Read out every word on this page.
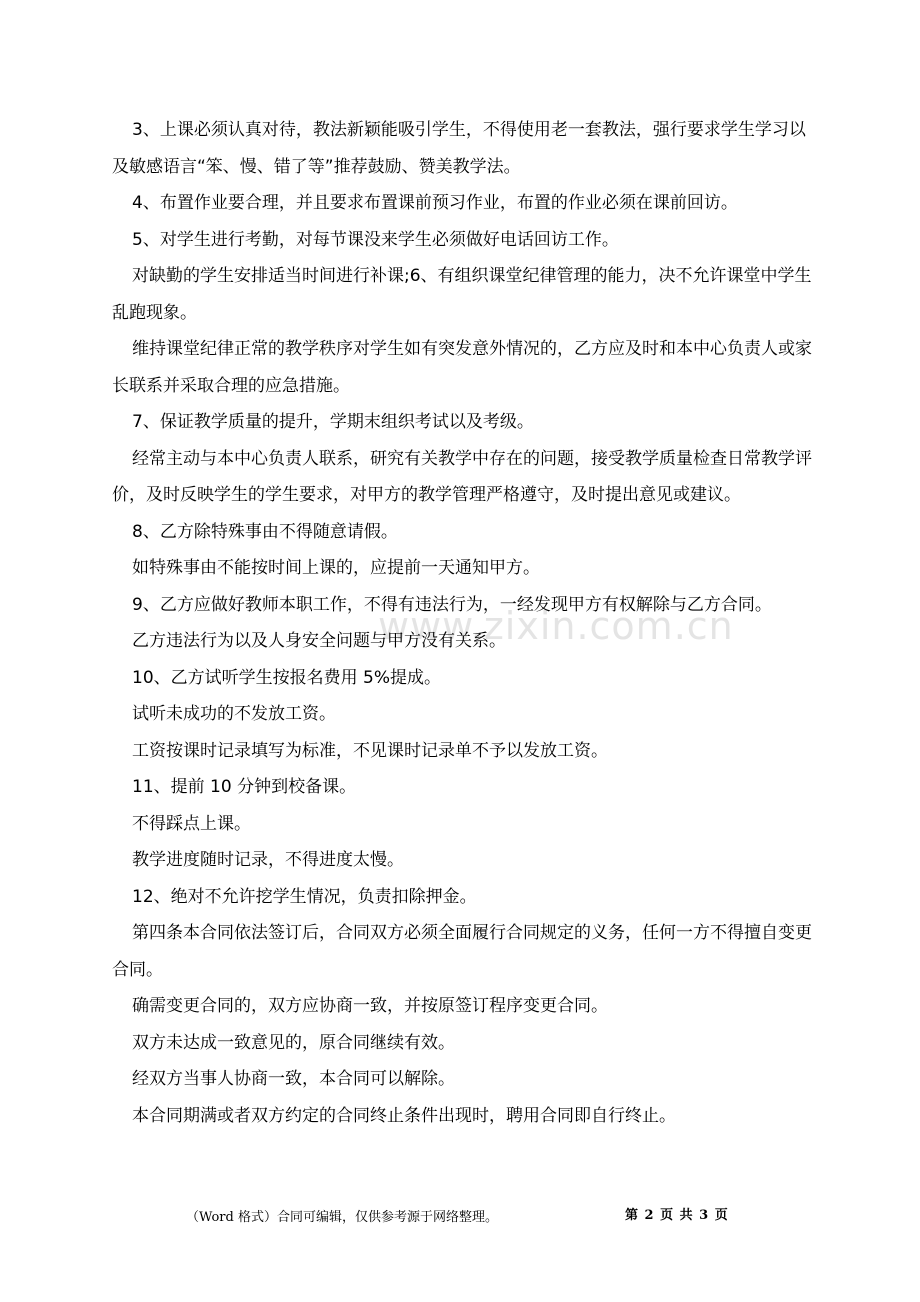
www.zixin.com.cn

3、上课必须认真对待，教法新颖能吸引学生，不得使用老一套教法，强行要求学生学习以及敏感语言“笨、慢、错了等”推荐鼓励、赞美教学法。

4、布置作业要合理，并且要求布置课前预习作业，布置的作业必须在课前回访。

5、对学生进行考勤，对每节课没来学生必须做好电话回访工作。

对缺勤的学生安排适当时间进行补课;6、有组织课堂纪律管理的能力，决不允许课堂中学生乱跑现象。

维持课堂纪律正常的教学秩序对学生如有突发意外情况的，乙方应及时和本中心负责人或家长联系并采取合理的应急措施。

7、保证教学质量的提升，学期末组织考试以及考级。

经常主动与本中心负责人联系，研究有关教学中存在的问题，接受教学质量检查日常教学评价，及时反映学生的学生要求，对甲方的教学管理严格遵守，及时提出意见或建议。

8、乙方除特殊事由不得随意请假。

如特殊事由不能按时间上课的，应提前一天通知甲方。

9、乙方应做好教师本职工作，不得有违法行为，一经发现甲方有权解除与乙方合同。

乙方违法行为以及人身安全问题与甲方没有关系。

10、乙方试听学生按报名费用 5%提成。

试听未成功的不发放工资。

工资按课时记录填写为标准，不见课时记录单不予以发放工资。

11、提前 10 分钟到校备课。

不得踩点上课。

教学进度随时记录，不得进度太慢。

12、绝对不允许挖学生情况，负责扣除押金。

第四条本合同依法签订后，合同双方必须全面履行合同规定的义务，任何一方不得擅自变更合同。

确需变更合同的，双方应协商一致，并按原签订程序变更合同。

双方未达成一致意见的，原合同继续有效。

经双方当事人协商一致，本合同可以解除。

本合同期满或者双方约定的合同终止条件出现时，聘用合同即自行终止。

（Word 格式）合同可编辑，仅供参考源于网络整理。	第 2 页 共 3 页
